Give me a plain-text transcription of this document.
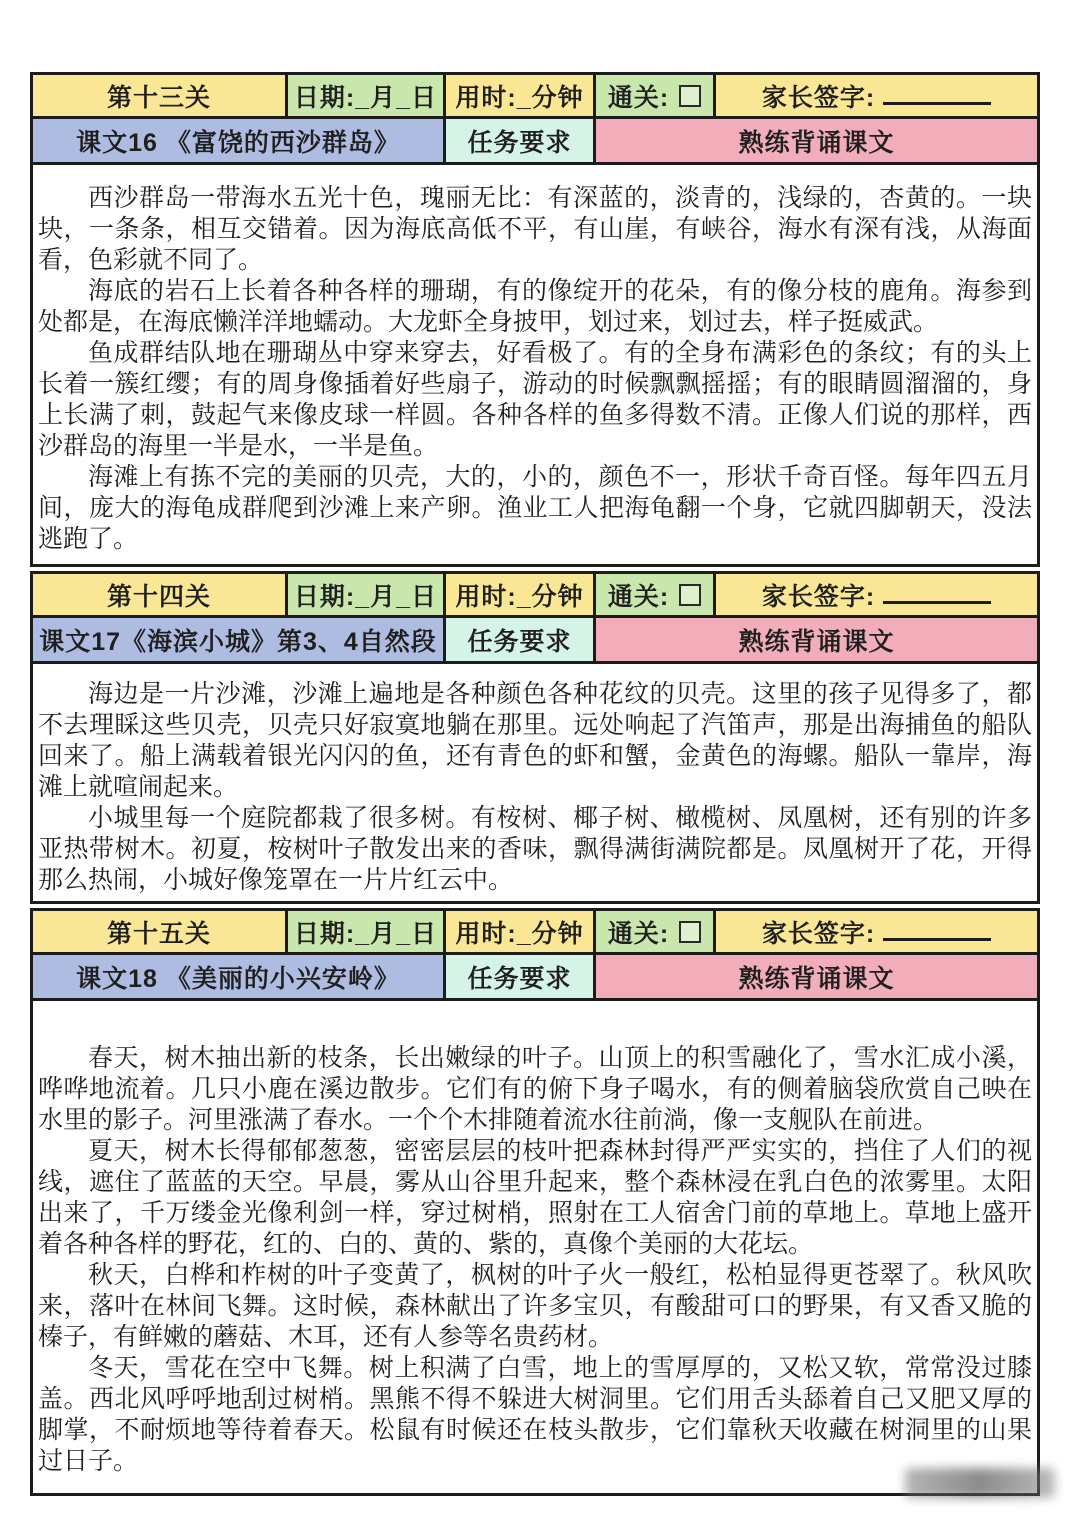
第十三关	日期:_月_日 用时:_分钟 通关:	家长签字:
课文16 《富饶的西沙群岛》	任务要求	熟练背诵课文

西沙群岛一带海水五光十色，瑰丽无比：有深蓝的，淡青的，浅绿的，杏黄的。一块块，一条条，相互交错着。因为海底高低不平，有山崖，有峡谷，海水有深有浅，从海面看，色彩就不同了。

海底的岩石上长着各种各样的珊瑚，有的像绽开的花朵，有的像分枝的鹿角。海参到处都是，在海底懒洋洋地蠕动。大龙虾全身披甲，划过来，划过去，样子挺威武。

鱼成群结队地在珊瑚丛中穿来穿去，好看极了。有的全身布满彩色的条纹；有的头上长着一簇红缨；有的周身像插着好些扇子，游动的时候飘飘摇摇；有的眼睛圆溜溜的，身上长满了刺，鼓起气来像皮球一样圆。各种各样的鱼多得数不清。正像人们说的那样，西沙群岛的海里一半是水，一半是鱼。

海滩上有拣不完的美丽的贝壳，大的，小的，颜色不一，形状千奇百怪。每年四五月间，庞大的海龟成群爬到沙滩上来产卵。渔业工人把海龟翻一个身，它就四脚朝天，没法逃跑了。

第十四关	日期:_月_日 用时:_分钟 通关:	家长签字:
课文17《海滨小城》第3、4自然段	任务要求	熟练背诵课文

海边是一片沙滩，沙滩上遍地是各种颜色各种花纹的贝壳。这里的孩子见得多了，都不去理睬这些贝壳，贝壳只好寂寞地躺在那里。远处响起了汽笛声，那是出海捕鱼的船队回来了。船上满载着银光闪闪的鱼，还有青色的虾和蟹，金黄色的海螺。船队一靠岸，海滩上就喧闹起来。

小城里每一个庭院都栽了很多树。有桉树、椰子树、橄榄树、凤凰树，还有别的许多亚热带树木。初夏，桉树叶子散发出来的香味，飘得满街满院都是。凤凰树开了花，开得那么热闹，小城好像笼罩在一片片红云中。

第十五关	日期:_月_日 用时:_分钟 通关:	家长签字:
课文18 《美丽的小兴安岭》	任务要求	熟练背诵课文

春天，树木抽出新的枝条，长出嫩绿的叶子。山顶上的积雪融化了，雪水汇成小溪，哗哗地流着。几只小鹿在溪边散步。它们有的俯下身子喝水，有的侧着脑袋欣赏自己映在水里的影子。河里涨满了春水。一个个木排随着流水往前淌，像一支舰队在前进。

夏天，树木长得郁郁葱葱，密密层层的枝叶把森林封得严严实实的，挡住了人们的视线，遮住了蓝蓝的天空。早晨，雾从山谷里升起来，整个森林浸在乳白色的浓雾里。太阳出来了，千万缕金光像利剑一样，穿过树梢，照射在工人宿舍门前的草地上。草地上盛开着各种各样的野花，红的、白的、黄的、紫的，真像个美丽的大花坛。

秋天，白桦和柞树的叶子变黄了，枫树的叶子火一般红，松柏显得更苍翠了。秋风吹来，落叶在林间飞舞。这时候，森林献出了许多宝贝，有酸甜可口的野果，有又香又脆的榛子，有鲜嫩的蘑菇、木耳，还有人参等名贵药材。

冬天，雪花在空中飞舞。树上积满了白雪，地上的雪厚厚的，又松又软，常常没过膝盖。西北风呼呼地刮过树梢。黑熊不得不躲进大树洞里。它们用舌头舔着自己又肥又厚的脚掌，不耐烦地等待着春天。松鼠有时候还在枝头散步，它们靠秋天收藏在树洞里的山果过日子。
